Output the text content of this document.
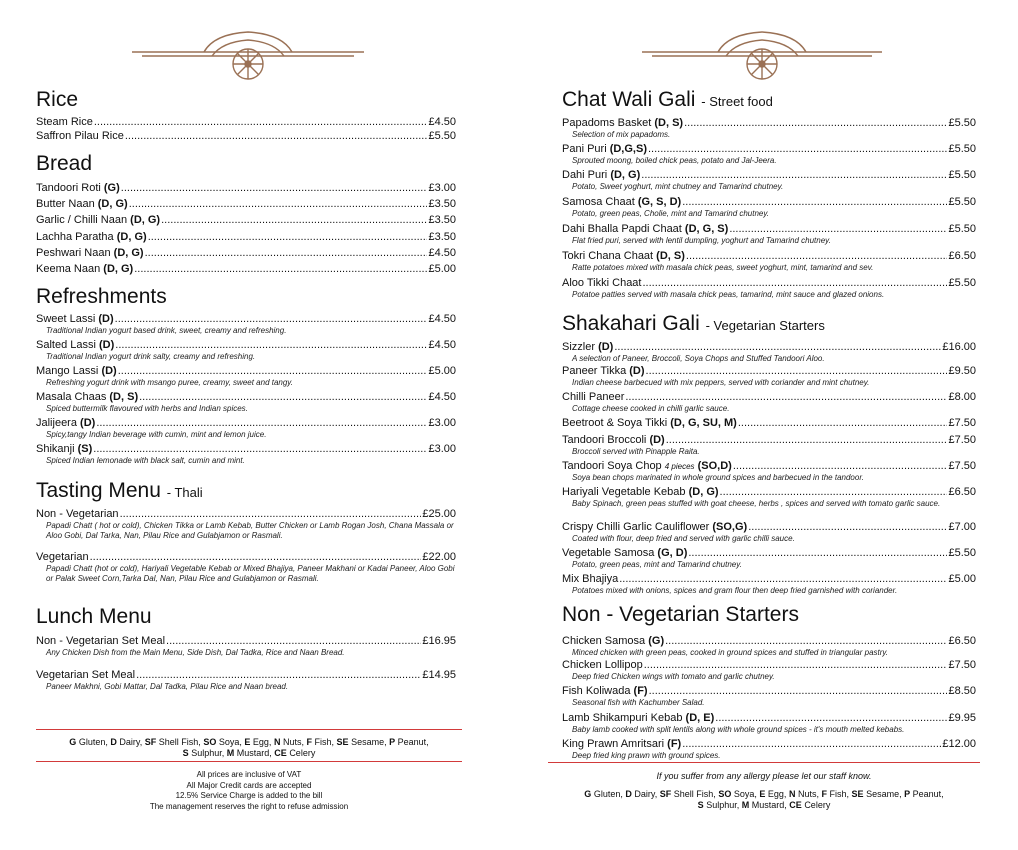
Rice
Steam Rice .....	£4.50
Saffron Pilau Rice .....	£5.50
Bread
Tandoori Roti (G) .....	£3.00
Butter Naan (D, G) .....	£3.50
Garlic / Chilli Naan (D, G) .....	£3.50
Lachha Paratha (D, G) .....	£3.50
Peshwari Naan (D, G) .....	£4.50
Keema Naan (D, G) .....	£5.00
Refreshments
Sweet Lassi (D) .....	£4.50
Traditional Indian yogurt based drink, sweet, creamy and refreshing.
Salted Lassi (D) .....	£4.50
Traditional Indian yogurt drink salty, creamy and refreshing.
Mango Lassi (D) .....	£5.00
Refreshing yogurt drink with msango puree, creamy, sweet and tangy.
Masala Chaas (D, S) .....	£4.50
Spiced buttermilk flavoured with herbs and Indian spices.
Jalijeera (D) .....	£3.00
Spicy,tangy Indian beverage with cumin, mint and lemon juice.
Shikanji (S) .....	£3.00
Spiced Indian lemonade with black salt, cumin and mint.
Tasting Menu - Thali
Non - Vegetarian .....	£25.00
Papadi Chatt ( hot or cold), Chicken Tikka or Lamb Kebab, Butter Chicken or Lamb Rogan Josh, Chana Massala or Aloo Gobi, Dal Tarka, Nan, Pilau Rice and Gulabjamon or Rasmali.
Vegetarian .....	£22.00
Papadi Chatt (hot or cold), Hariyali Vegetable Kebab or Mixed Bhajiya, Paneer Makhani or Kadai Paneer, Aloo Gobi or Palak Sweet Corn,Tarka Dal, Nan, Pilau Rice and Gulabjamon or Rasmali.
Lunch Menu
Non - Vegetarian Set Meal .....	£16.95
Any Chicken Dish from the Main Menu, Side Dish, Dal Tadka, Rice and Naan Bread.
Vegetarian Set Meal .....	£14.95
Paneer Makhni, Gobi Mattar, Dal Tadka, Pilau Rice and Naan bread.
Chat Wali Gali - Street food
Papadoms Basket (D, S) .....	£5.50
Selection of mix papadoms.
Pani Puri (D,G,S) .....	£5.50
Sprouted moong, boiled chick peas, potato and Jal-Jeera.
Dahi Puri (D, G) .....	£5.50
Potato, Sweet yoghurt, mint chutney and Tamarind chutney.
Samosa Chaat (G, S, D) .....	£5.50
Potato, green peas, Cholie, mint and Tamarind chutney.
Dahi Bhalla Papdi Chaat (D, G, S) .....	£5.50
Flat fried puri, served with lentil dumpling, yoghurt and Tamarind chutney.
Tokri Chana Chaat (D, S) .....	£6.50
Ratte potatoes mixed with masala chick peas, sweet yoghurt, mint, tamarind and sev.
Aloo Tikki Chaat .....	£5.50
Potatoe patties served with masala chick peas, tamarind, mint sauce and glazed onions.
Shakahari Gali - Vegetarian Starters
Sizzler (D) .....	£16.00
A selection of Paneer, Broccoli, Soya Chops and Stuffed Tandoori Aloo.
Paneer Tikka (D) .....	£9.50
Indian cheese barbecued with mix peppers, served with coriander and mint chutney.
Chilli Paneer .....	£8.00
Cottage cheese cooked in chilli garlic sauce.
Beetroot & Soya Tikki (D, G, SU, M) .....	£7.50
Tandoori Broccoli (D) .....	£7.50
Broccoli served with Pinapple Raita.
Tandoori Soya Chop 4 pieces (SO,D) .....	£7.50
Soya bean chops marinated in whole ground spices and barbecued in the tandoor.
Hariyali Vegetable Kebab (D, G) .....	£6.50
Baby Spinach, green peas stuffed with goat cheese, herbs , spices and served with tomato garlic sauce.
Crispy Chilli Garlic Cauliflower (SO,G) .....	£7.00
Coated with flour, deep fried and served with garlic chilli sauce.
Vegetable Samosa (G, D) .....	£5.50
Potato, green peas, mint and Tamarind chutney.
Mix Bhajiya .....	£5.00
Potatoes mixed with onions, spices and gram flour then deep fried garnished with coriander.
Non - Vegetarian Starters
Chicken Samosa (G) .....	£6.50
Minced chicken with green peas, cooked in ground spices and stuffed in triangular pastry.
Chicken Lollipop .....	£7.50
Deep fried Chicken wings with tomato and garlic chutney.
Fish Koliwada (F) .....	£8.50
Seasonal fish with Kachumber Salad.
Lamb Shikampuri Kebab (D, E) .....	£9.95
Baby lamb cooked with split lentils along with whole ground spices - it's mouth melted kebabs.
King Prawn Amritsari (F) .....	£12.00
Deep fried king prawn with ground spices.
G Gluten, D Dairy, SF Shell Fish, SO Soya, E Egg, N Nuts, F Fish, SE Sesame, P Peanut,
S Sulphur, M Mustard, CE Celery
All prices are inclusive of VAT
All Major Credit cards are accepted
12.5% Service Charge is added to the bill
The management reserves the right to refuse admission
If you suffer from any allergy please let our staff know.
G Gluten, D Dairy, SF Shell Fish, SO Soya, E Egg, N Nuts, F Fish, SE Sesame, P Peanut,
S Sulphur, M Mustard, CE Celery
